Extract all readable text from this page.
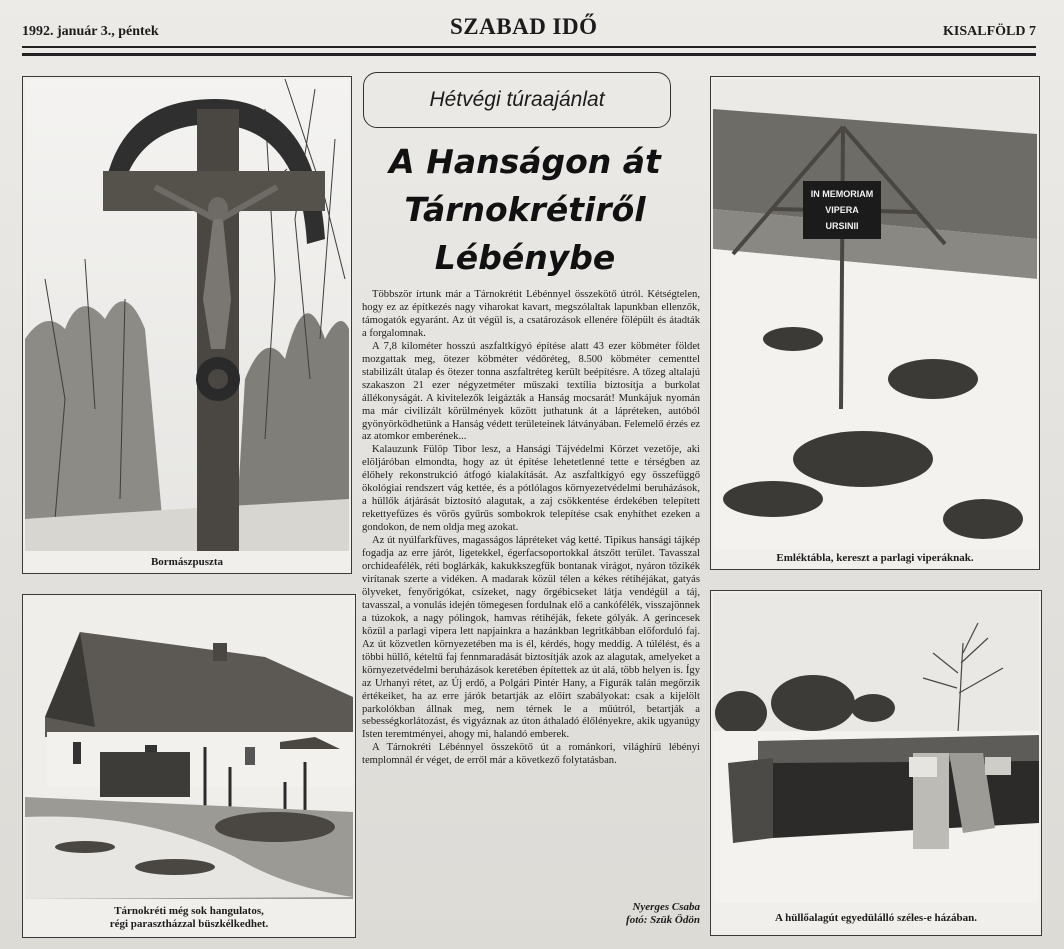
1992. január 3., péntek	SZABAD IDŐ	KISALFÖLD 7
Bormászpuszta
IN MEMORIAM
VIPERA
URSINII
Emléktábla, kereszt a parlagi viperáknak.
Tárnokréti még sok hangulatos,
régi parasztházzal büszkélkedhet.	A hüllőalagút egyedülálló széles-e házában.
Hétvégi túraajánlat
A Hanságon át
Tárnokrétiről
Lébénybe

Többször írtunk már a Tárnokrétit Lébénnyel összekötő útról. Kétségtelen, hogy ez az építkezés nagy viharokat kavart, megszólaltak lapunkban ellenzők, támogatók egyaránt. Az út végül is, a csatározások ellenére fölépült és átadták a forgalomnak.

A 7,8 kilométer hosszú aszfaltkígyó építése alatt 43 ezer köbméter földet mozgattak meg, ötezer köbméter védőréteg, 8.500 köbméter cementtel stabilizált útalap és ötezer tonna aszfaltréteg került beépítésre. A tőzeg altalajú szakaszon 21 ezer négyzetméter műszaki textília biztosítja a burkolat állékonyságát. A kivitelezők leigázták a Hanság mocsarát! Munkájuk nyomán ma már civilizált körülmények között juthatunk át a lápréteken, autóból gyönyörködhetünk a Hanság védett területeinek látványában. Felemelő érzés ez az atomkor emberének...

Kalauzunk Fülöp Tibor lesz, a Hansági Tájvédelmi Körzet vezetője, aki elöljáróban elmondta, hogy az út építése lehetetlenné tette e térségben az élőhely rekonstrukció átfogó kialakítását. Az aszfaltkígyó egy összefüggő ökológiai rendszert vág kettée, és a pótlólagos környezetvédelmi beruházások, a hüllők átjárását biztosító alagutak, a zaj csökkentése érdekében telepített rekettyefűzes és vörös gyűrűs sombokrok telepítése csak enyhíthet ezeken a gondokon, de nem oldja meg azokat.

Az út nyúlfarkfüves, magasságos lápréteket vág ketté. Tipikus hansági tájkép fogadja az erre járót, ligetekkel, égerfacsoportokkal átszőtt terület. Tavasszal orchideafélék, réti boglárkák, kakukkszegfűk bontanak virágot, nyáron tőzikék virítanak szerte a vidéken. A madarak közül télen a kékes rétihéjákat, gatyás ölyveket, fenyőrigókat, csízeket, nagy őrgébicseket látja vendégül a táj, tavasszal, a vonulás idején tömegesen fordulnak elő a cankófélék, visszajönnek a túzokok, a nagy pólingok, hamvas rétihéják, fekete gólyák. A gerincesek közül a parlagi vipera lett napjainkra a hazánkban legritkábban előforduló faj. Az út közvetlen környezetében ma is él, kérdés, hogy meddig. A túlélést, és a többi hüllő, kételtű faj fennmaradását biztosítják azok az alagutak, amelyeket a környezetvédelmi beruházások keretében építettek az út alá, több helyen is. Így az Urhanyi rétet, az Új erdő, a Polgári Pintér Hany, a Figurák talán megőrzik értékeiket, ha az erre járók betartják az előírt szabályokat: csak a kijelölt parkolókban állnak meg, nem térnek le a műútról, betartják a sebességkorlátozást, és vigyáznak az úton áthaladó élőlényekre, akik ugyanúgy Isten teremtményei, ahogy mi, halandó emberek.

A Tárnokréti Lébénnyel összekötő út a románkori, világhírű lébényi templomnál ér véget, de erről már a következő folytatásban.

Nyerges Csaba
fotó: Szük Ödön
